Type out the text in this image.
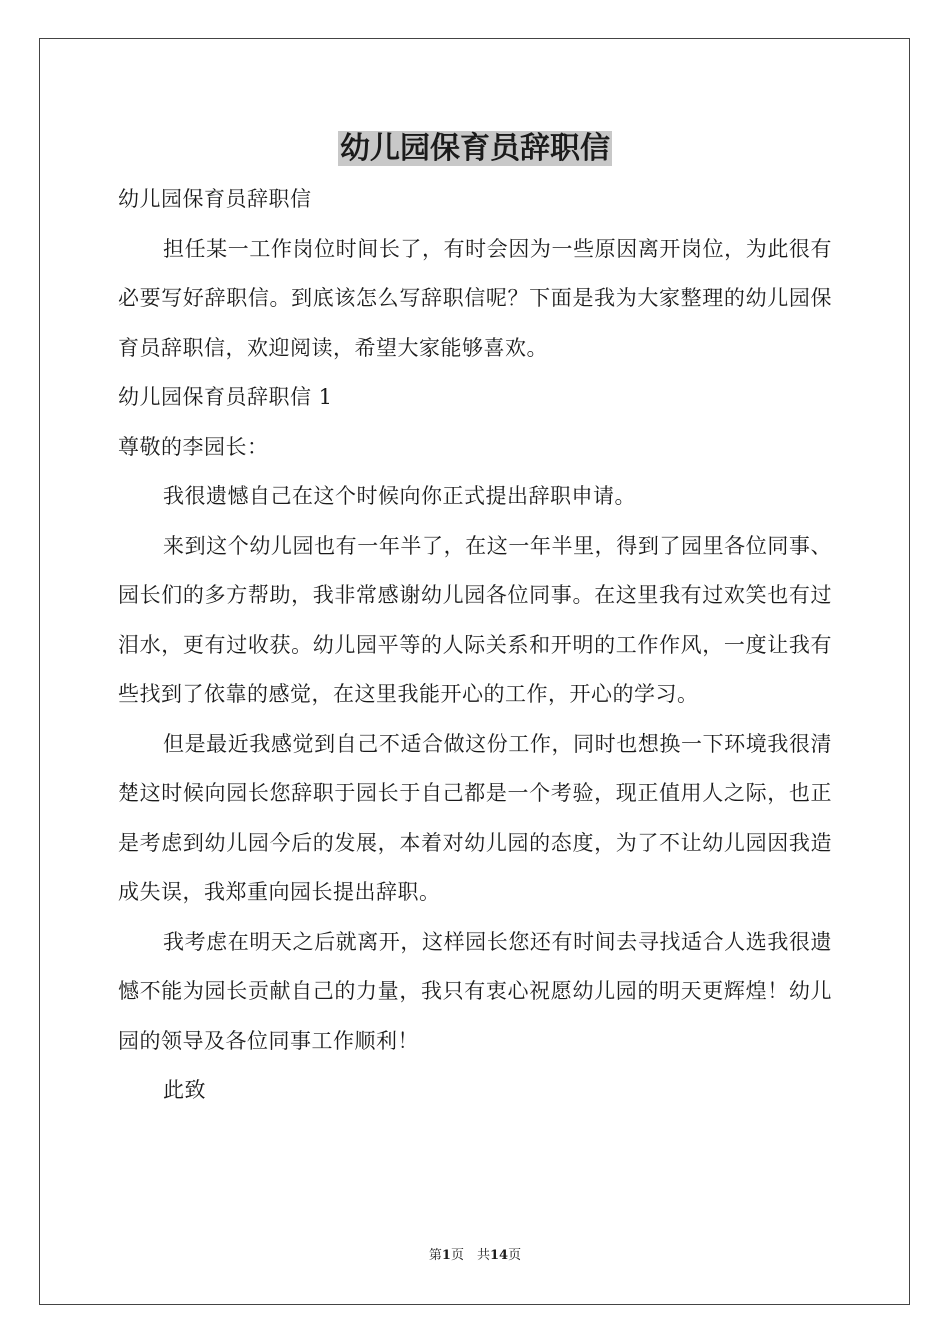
幼儿园保育员辞职信
幼儿园保育员辞职信
担任某一工作岗位时间长了，有时会因为一些原因离开岗位，为此很有必要写好辞职信。到底该怎么写辞职信呢？下面是我为大家整理的幼儿园保育员辞职信，欢迎阅读，希望大家能够喜欢。
幼儿园保育员辞职信 1
尊敬的李园长：
我很遗憾自己在这个时候向你正式提出辞职申请。
来到这个幼儿园也有一年半了，在这一年半里，得到了园里各位同事、园长们的多方帮助，我非常感谢幼儿园各位同事。在这里我有过欢笑也有过泪水，更有过收获。幼儿园平等的人际关系和开明的工作作风，一度让我有些找到了依靠的感觉，在这里我能开心的工作，开心的学习。
但是最近我感觉到自己不适合做这份工作，同时也想换一下环境我很清楚这时候向园长您辞职于园长于自己都是一个考验，现正值用人之际，也正是考虑到幼儿园今后的发展，本着对幼儿园的态度，为了不让幼儿园因我造成失误，我郑重向园长提出辞职。
我考虑在明天之后就离开，这样园长您还有时间去寻找适合人选我很遗憾不能为园长贡献自己的力量，我只有衷心祝愿幼儿园的明天更辉煌！幼儿园的领导及各位同事工作顺利！
此致
第1页　共14页
